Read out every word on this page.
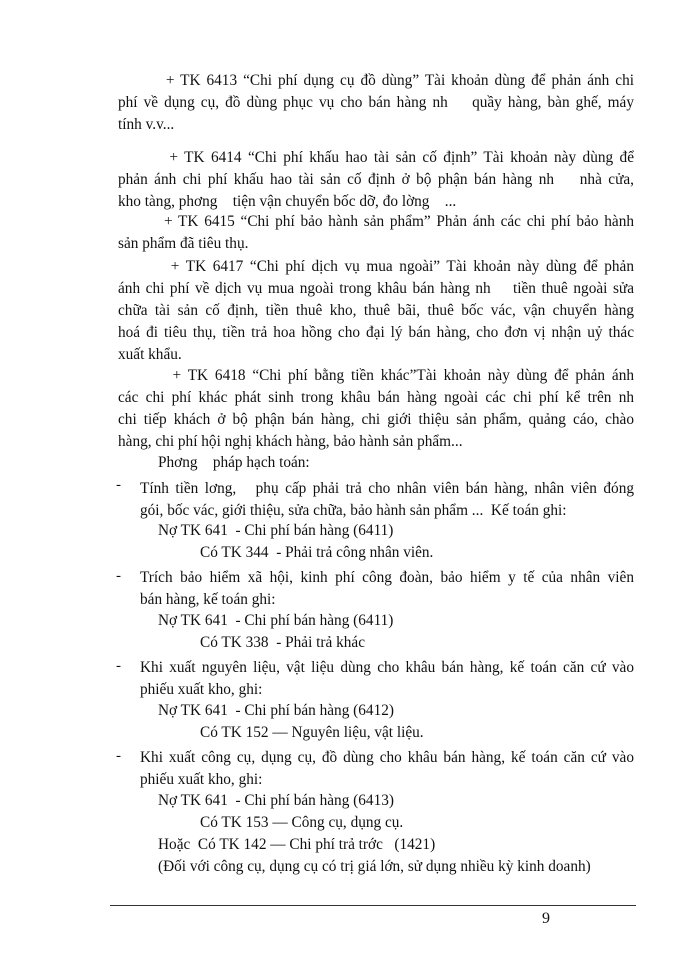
+ TK 6413 “Chi phí dụng cụ đồ dùng” Tài khoản dùng để phản ánh chi
phí về dụng cụ, đồ dùng phục vụ cho bán hàng nh    quầy hàng, bàn ghế, máy
tính v.v...
+ TK 6414 “Chi phí khấu hao tài sản cố định” Tài khoản này dùng để
phản ánh chi phí khấu hao tài sản cố định ở bộ phận bán hàng nh    nhà cửa,
kho tàng, phơng    tiện vận chuyển bốc dỡ, đo lờng    ...
+ TK 6415 “Chi phí bảo hành sản phẩm” Phản ánh các chi phí bảo hành
sản phẩm đã tiêu thụ.
+ TK 6417 “Chi phí dịch vụ mua ngoài” Tài khoản này dùng để phản
ánh chi phí về dịch vụ mua ngoài trong khâu bán hàng nh    tiền thuê ngoài sửa
chữa tài sản cố định, tiền thuê kho, thuê bãi, thuê bốc vác, vận chuyển hàng
hoá đi tiêu thụ, tiền trả hoa hồng cho đại lý bán hàng, cho đơn vị nhận uỷ thác
xuất khẩu.
+ TK 6418 “Chi phí bằng tiền khác”Tài khoản này dùng để phản ánh
các chi phí khác phát sinh trong khâu bán hàng ngoài các chi phí kể trên nh
chi tiếp khách ở bộ phận bán hàng, chi giới thiệu sản phẩm, quảng cáo, chào
hàng, chi phí hội nghị khách hàng, bảo hành sản phẩm...
Phơng    pháp hạch toán:
- Tính tiền lơng,   phụ cấp phải trả cho nhân viên bán hàng, nhân viên đóng
gói, bốc vác, giới thiệu, sửa chữa, bảo hành sản phẩm ...  Kế toán ghi:
Nợ TK 641  - Chi phí bán hàng (6411)
Có TK 344  - Phải trả công nhân viên.
- Trích bảo hiểm xã hội, kinh phí công đoàn, bảo hiểm y tế của nhân viên
bán hàng, kế toán ghi:
Nợ TK 641  - Chi phí bán hàng (6411)
Có TK 338  - Phải trả khác
- Khi xuất nguyên liệu, vật liệu dùng cho khâu bán hàng, kế toán căn cứ vào
phiếu xuất kho, ghi:
Nợ TK 641  - Chi phí bán hàng (6412)
Có TK 152 — Nguyên liệu, vật liệu.
- Khi xuất công cụ, dụng cụ, đồ dùng cho khâu bán hàng, kế toán căn cứ vào
phiếu xuất kho, ghi:
Nợ TK 641  - Chi phí bán hàng (6413)
Có TK 153 — Công cụ, dụng cụ.
Hoặc  Có TK 142 — Chi phí trả trớc   (1421)
(Đối với công cụ, dụng cụ có trị giá lớn, sử dụng nhiều kỳ kinh doanh)
9
